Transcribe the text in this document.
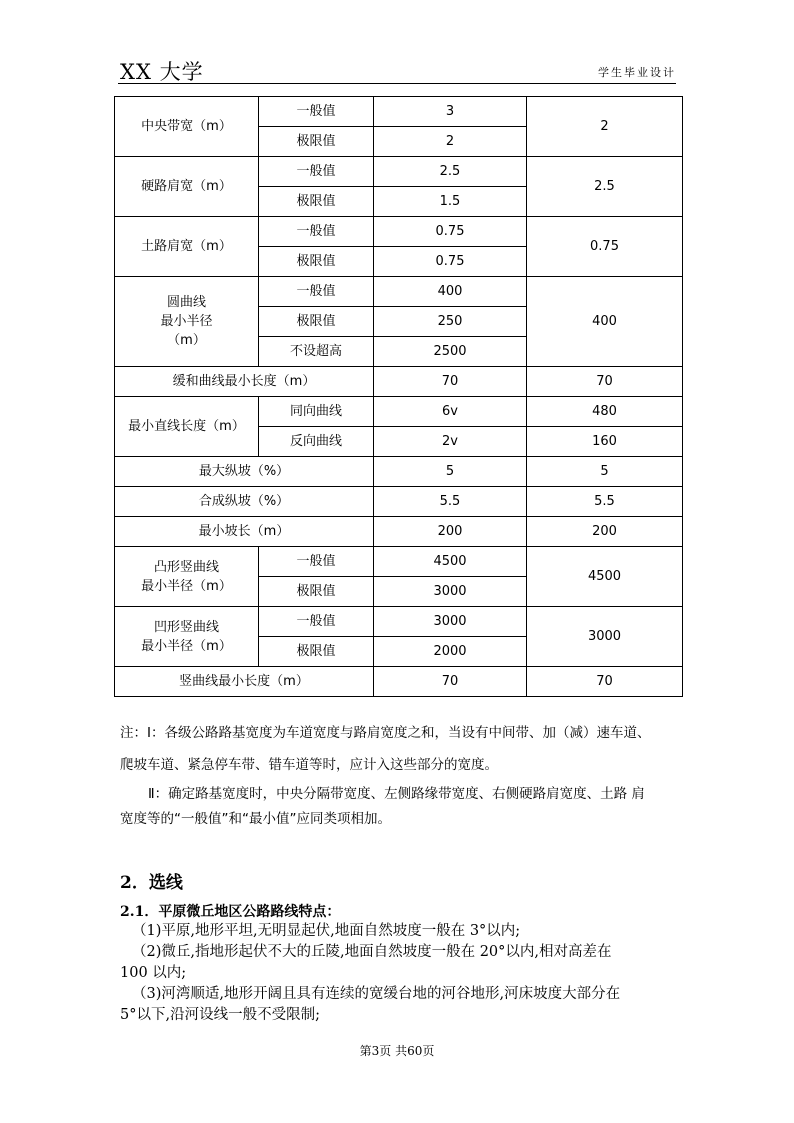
XX 大学	学生毕业设计
中央带宽（m）	一般值	3	2
	极限值	2	
硬路肩宽（m）	一般值	2.5	2.5
	极限值	1.5	
土路肩宽（m）	一般值	0.75	0.75
	极限值	0.75	
圆曲线
最小半径
（m）	一般值	400	400
	极限值	250	
	不设超高	2500	
缓和曲线最小长度（m）		70	70
最小直线长度（m）	同向曲线	6v	480
	反向曲线	2v	160
最大纵坡（%）		5	5
合成纵坡（%）		5.5	5.5
最小坡长（m）		200	200
凸形竖曲线
最小半径（m）	一般值	4500	4500
	极限值	3000	
凹形竖曲线
最小半径（m）	一般值	3000	3000
	极限值	2000	
竖曲线最小长度（m）		70	70
注：Ⅰ：各级公路路基宽度为车道宽度与路肩宽度之和，当设有中间带、加（减）速车道、
爬坡车道、紧急停车带、错车道等时，应计入这些部分的宽度。
Ⅱ：确定路基宽度时，中央分隔带宽度、左侧路缘带宽度、右侧硬路肩宽度、土路 肩
宽度等的“一般值”和“最小值”应同类项相加。
2．选线
2.1．平原微丘地区公路路线特点：
（1)平原,地形平坦,无明显起伏,地面自然坡度一般在 3°以内;
（2)微丘,指地形起伏不大的丘陵,地面自然坡度一般在 20°以内,相对高差在
100 以内;
（3)河湾顺适,地形开阔且具有连续的宽缓台地的河谷地形,河床坡度大部分在
5°以下,沿河设线一般不受限制;
第3页 共60页
